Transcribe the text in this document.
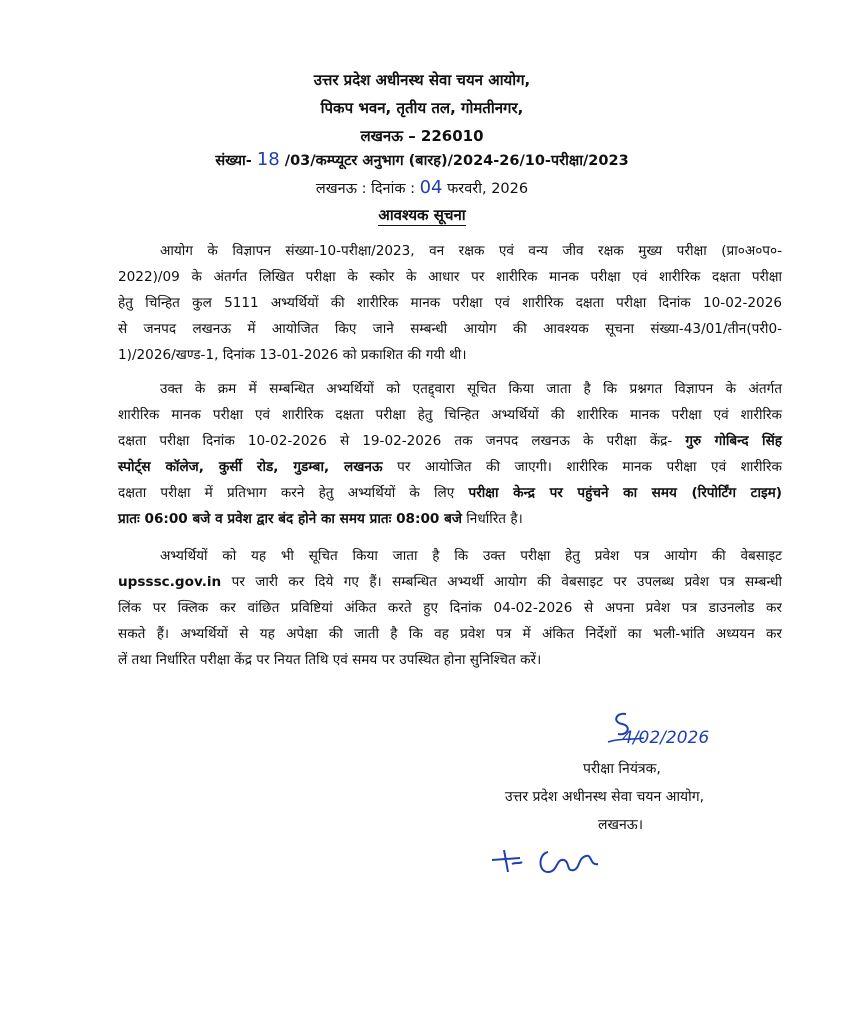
उत्तर प्रदेश अधीनस्थ सेवा चयन आयोग,
पिकप भवन, तृतीय तल, गोमतीनगर,
लखनऊ – 226010
संख्या- 18 /03/कम्प्यूटर अनुभाग (बारह)/2024-26/10-परीक्षा/2023
लखनऊ : दिनांक : 04 फरवरी, 2026
आवश्यक सूचना
आयोग के विज्ञापन संख्या-10-परीक्षा/2023, वन रक्षक एवं वन्य जीव रक्षक मुख्य परीक्षा (प्रा०अ०प०-
2022)/09 के अंतर्गत लिखित परीक्षा के स्कोर के आधार पर शारीरिक मानक परीक्षा एवं शारीरिक दक्षता परीक्षा
हेतु चिन्हित कुल 5111 अभ्यर्थियों की शारीरिक मानक परीक्षा एवं शारीरिक दक्षता परीक्षा दिनांक 10-02-2026
से जनपद लखनऊ में आयोजित किए जाने सम्बन्धी आयोग की आवश्यक सूचना संख्या-43/01/तीन(परी0-
1)/2026/खण्ड-1, दिनांक 13-01-2026 को प्रकाशित की गयी थी।
उक्त के क्रम में सम्बन्धित अभ्यर्थियों को एतद्द्वारा सूचित किया जाता है कि प्रश्नगत विज्ञापन के अंतर्गत
शारीरिक मानक परीक्षा एवं शारीरिक दक्षता परीक्षा हेतु चिन्हित अभ्यर्थियों की शारीरिक मानक परीक्षा एवं शारीरिक
दक्षता परीक्षा दिनांक 10-02-2026 से 19-02-2026 तक जनपद लखनऊ के परीक्षा केंद्र- गुरु गोबिन्द सिंह
स्पोर्ट्स कॉलेज, कुर्सी रोड, गुडम्बा, लखनऊ पर आयोजित की जाएगी। शारीरिक मानक परीक्षा एवं शारीरिक
दक्षता परीक्षा में प्रतिभाग करने हेतु अभ्यर्थियों के लिए परीक्षा केन्द्र पर पहुंचने का समय (रिपोर्टिंग टाइम)
प्रातः 06:00 बजे व प्रवेश द्वार बंद होने का समय प्रातः 08:00 बजे निर्धारित है।
अभ्यर्थियों को यह भी सूचित किया जाता है कि उक्त परीक्षा हेतु प्रवेश पत्र आयोग की वेबसाइट
upsssc.gov.in पर जारी कर दिये गए हैं। सम्बन्धित अभ्यर्थी आयोग की वेबसाइट पर उपलब्ध प्रवेश पत्र सम्बन्धी
लिंक पर क्लिक कर वांछित प्रविष्टियां अंकित करते हुए दिनांक 04-02-2026 से अपना प्रवेश पत्र डाउनलोड कर
सकते हैं। अभ्यर्थियों से यह अपेक्षा की जाती है कि वह प्रवेश पत्र में अंकित निर्देशों का भली-भांति अध्ययन कर
लें तथा निर्धारित परीक्षा केंद्र पर नियत तिथि एवं समय पर उपस्थित होना सुनिश्चित करें।
4/02/2026
परीक्षा नियंत्रक,
उत्तर प्रदेश अधीनस्थ सेवा चयन आयोग,
लखनऊ।
